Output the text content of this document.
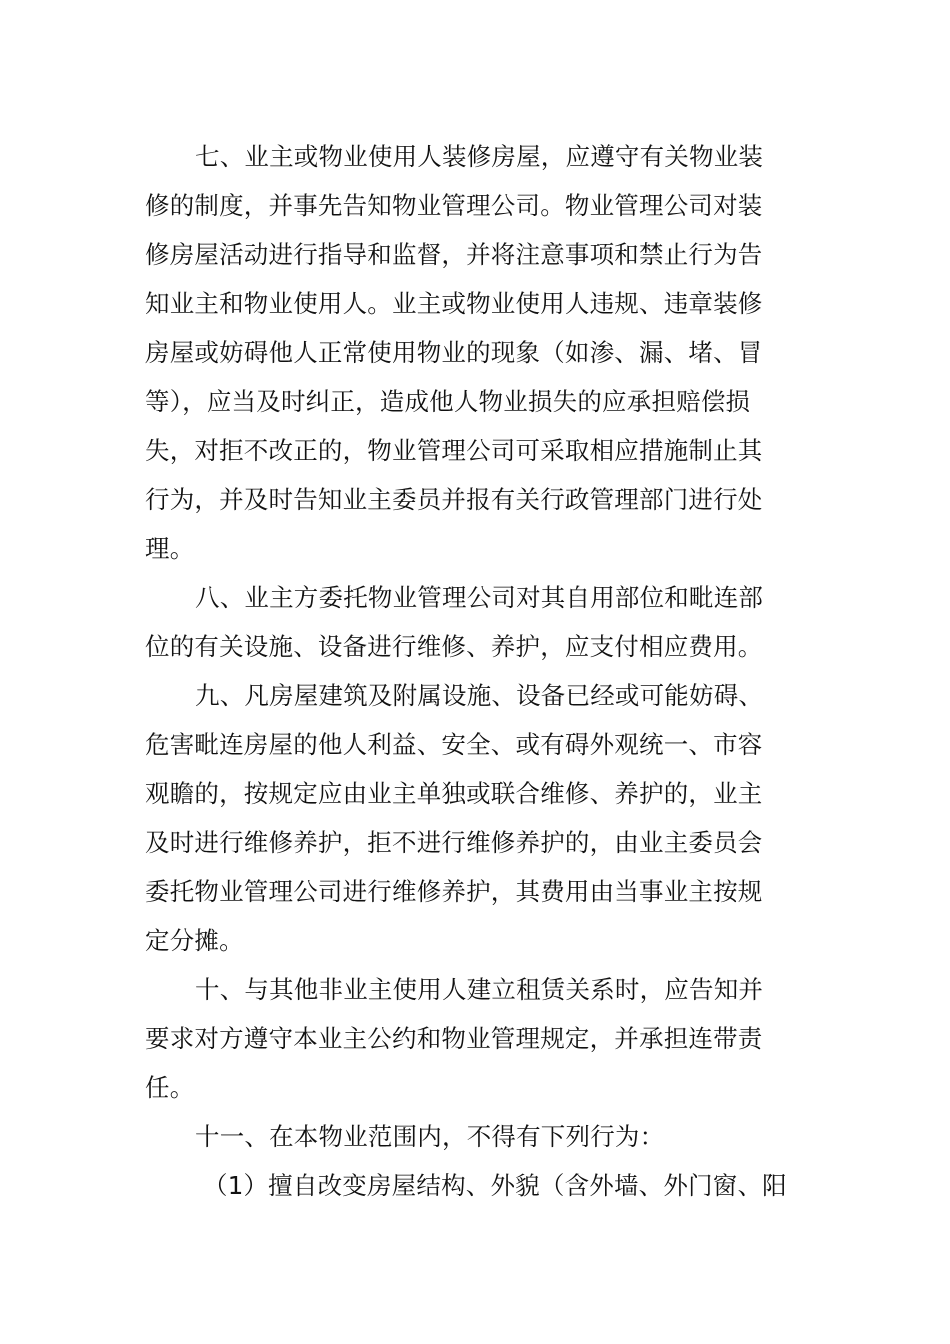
七、业主或物业使用人装修房屋，应遵守有关物业装
修的制度，并事先告知物业管理公司。物业管理公司对装
修房屋活动进行指导和监督，并将注意事项和禁止行为告
知业主和物业使用人。业主或物业使用人违规、违章装修
房屋或妨碍他人正常使用物业的现象（如渗、漏、堵、冒
等），应当及时纠正，造成他人物业损失的应承担赔偿损
失，对拒不改正的，物业管理公司可采取相应措施制止其
行为，并及时告知业主委员并报有关行政管理部门进行处
理。
八、业主方委托物业管理公司对其自用部位和毗连部
位的有关设施、设备进行维修、养护，应支付相应费用。
九、凡房屋建筑及附属设施、设备已经或可能妨碍、
危害毗连房屋的他人利益、安全、或有碍外观统一、市容
观瞻的，按规定应由业主单独或联合维修、养护的，业主
及时进行维修养护，拒不进行维修养护的，由业主委员会
委托物业管理公司进行维修养护，其费用由当事业主按规
定分摊。
十、与其他非业主使用人建立租赁关系时，应告知并
要求对方遵守本业主公约和物业管理规定，并承担连带责
任。
十一、在本物业范围内，不得有下列行为：
（1）擅自改变房屋结构、外貌（含外墙、外门窗、阳
